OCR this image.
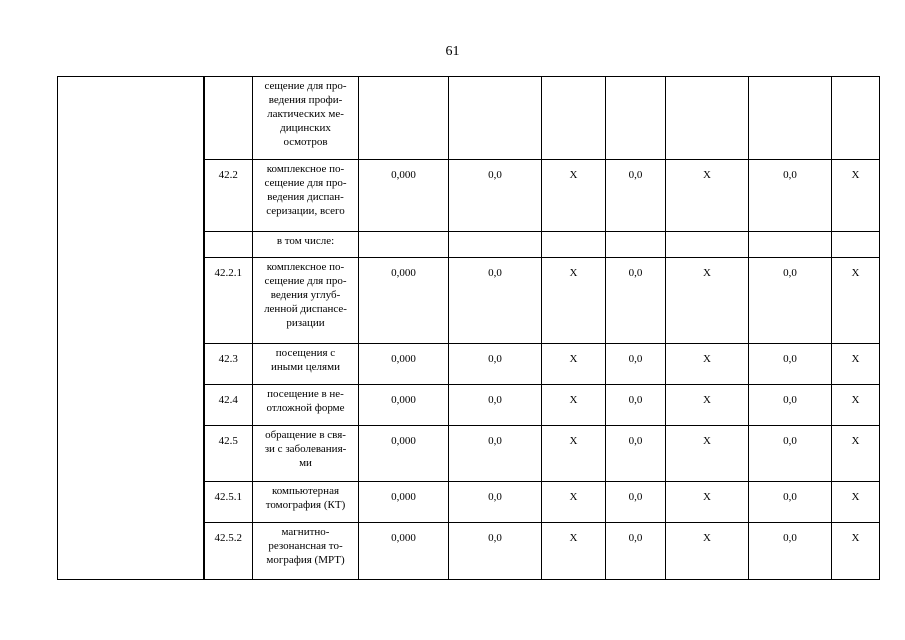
61
		сещение для про-
ведения профи-
лактических ме-
дицинских
осмотров							
	42.2	комплексное по-
сещение для про-
ведения диспан-
серизации, всего	0,000	0,0	Х	0,0	Х	0,0	Х
		в том числе:							
	42.2.1	комплексное по-
сещение для про-
ведения углуб-
ленной диспансе-
ризации	0,000	0,0	Х	0,0	Х	0,0	Х
	42.3	посещения с
иными целями	0,000	0,0	Х	0,0	Х	0,0	Х
	42.4	посещение в не-
отложной форме	0,000	0,0	Х	0,0	Х	0,0	Х
	42.5	обращение в свя-
зи с заболевания-
ми	0,000	0,0	Х	0,0	Х	0,0	Х
	42.5.1	компьютерная
томография (КТ)	0,000	0,0	Х	0,0	Х	0,0	Х
	42.5.2	магнитно-
резонансная то-
мография (МРТ)	0,000	0,0	Х	0,0	Х	0,0	Х
